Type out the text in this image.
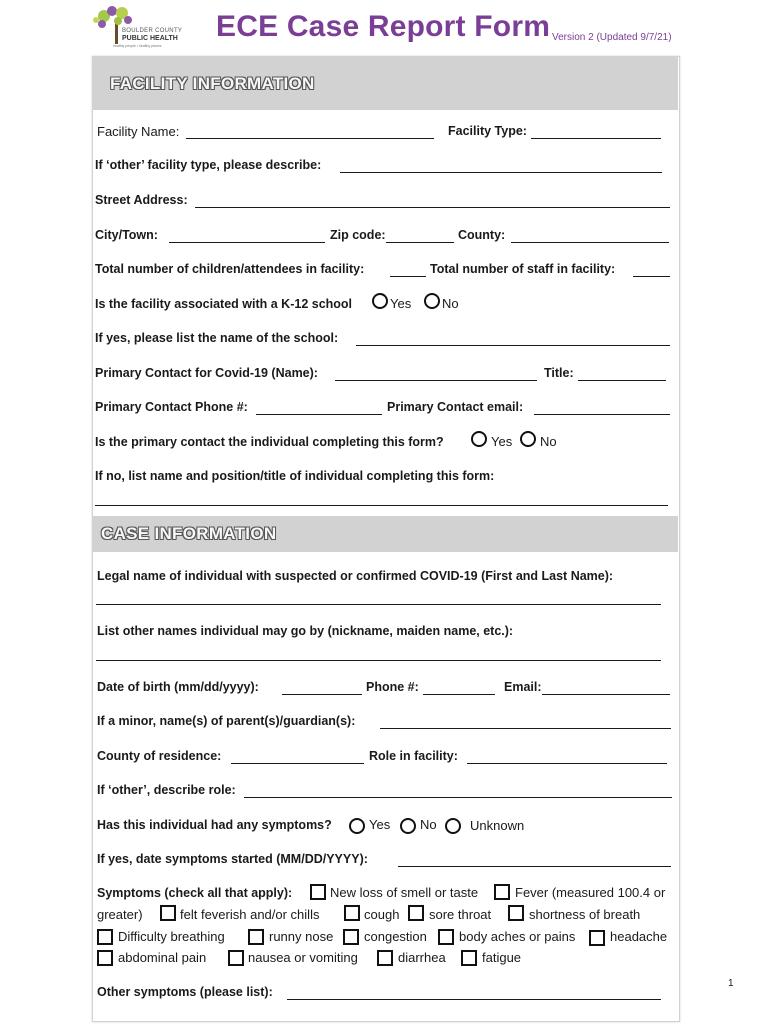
BOULDER COUNTY
PUBLIC HEALTH
healthy people • healthy places
ECE Case Report Form Version 2 (Updated 9/7/21)
FACILITY INFORMATION
Facility Name:	Facility Type:
If ‘other’ facility type, please describe:
Street Address:
City/Town:	Zip code:	County:
Total number of children/attendees in facility:	Total number of staff in facility:
Is the facility associated with a K-12 school	Yes No
If yes, please list the name of the school:
Primary Contact for Covid-19 (Name):	Title:
Primary Contact Phone #:	Primary Contact email:
Is the primary contact the individual completing this form?	Yes No
If no, list name and position/title of individual completing this form:
CASE INFORMATION
Legal name of individual with suspected or confirmed COVID-19 (First and Last Name):
List other names individual may go by (nickname, maiden name, etc.):
Date of birth (mm/dd/yyyy):	Phone #:	Email:
If a minor, name(s) of parent(s)/guardian(s):
County of residence:	Role in facility:
If ‘other’, describe role:
Has this individual had any symptoms?	Yes No	Unknown
If yes, date symptoms started (MM/DD/YYYY):
Symptoms (check all that apply):	New loss of smell or taste	Fever (measured 100.4 or
greater)	felt feverish and/or chills	cough sore throat	shortness of breath
Difficulty breathing	runny nose congestion body aches or pains	headache
abdominal pain	nausea or vomiting	diarrhea	fatigue
Other symptoms (please list):
1
